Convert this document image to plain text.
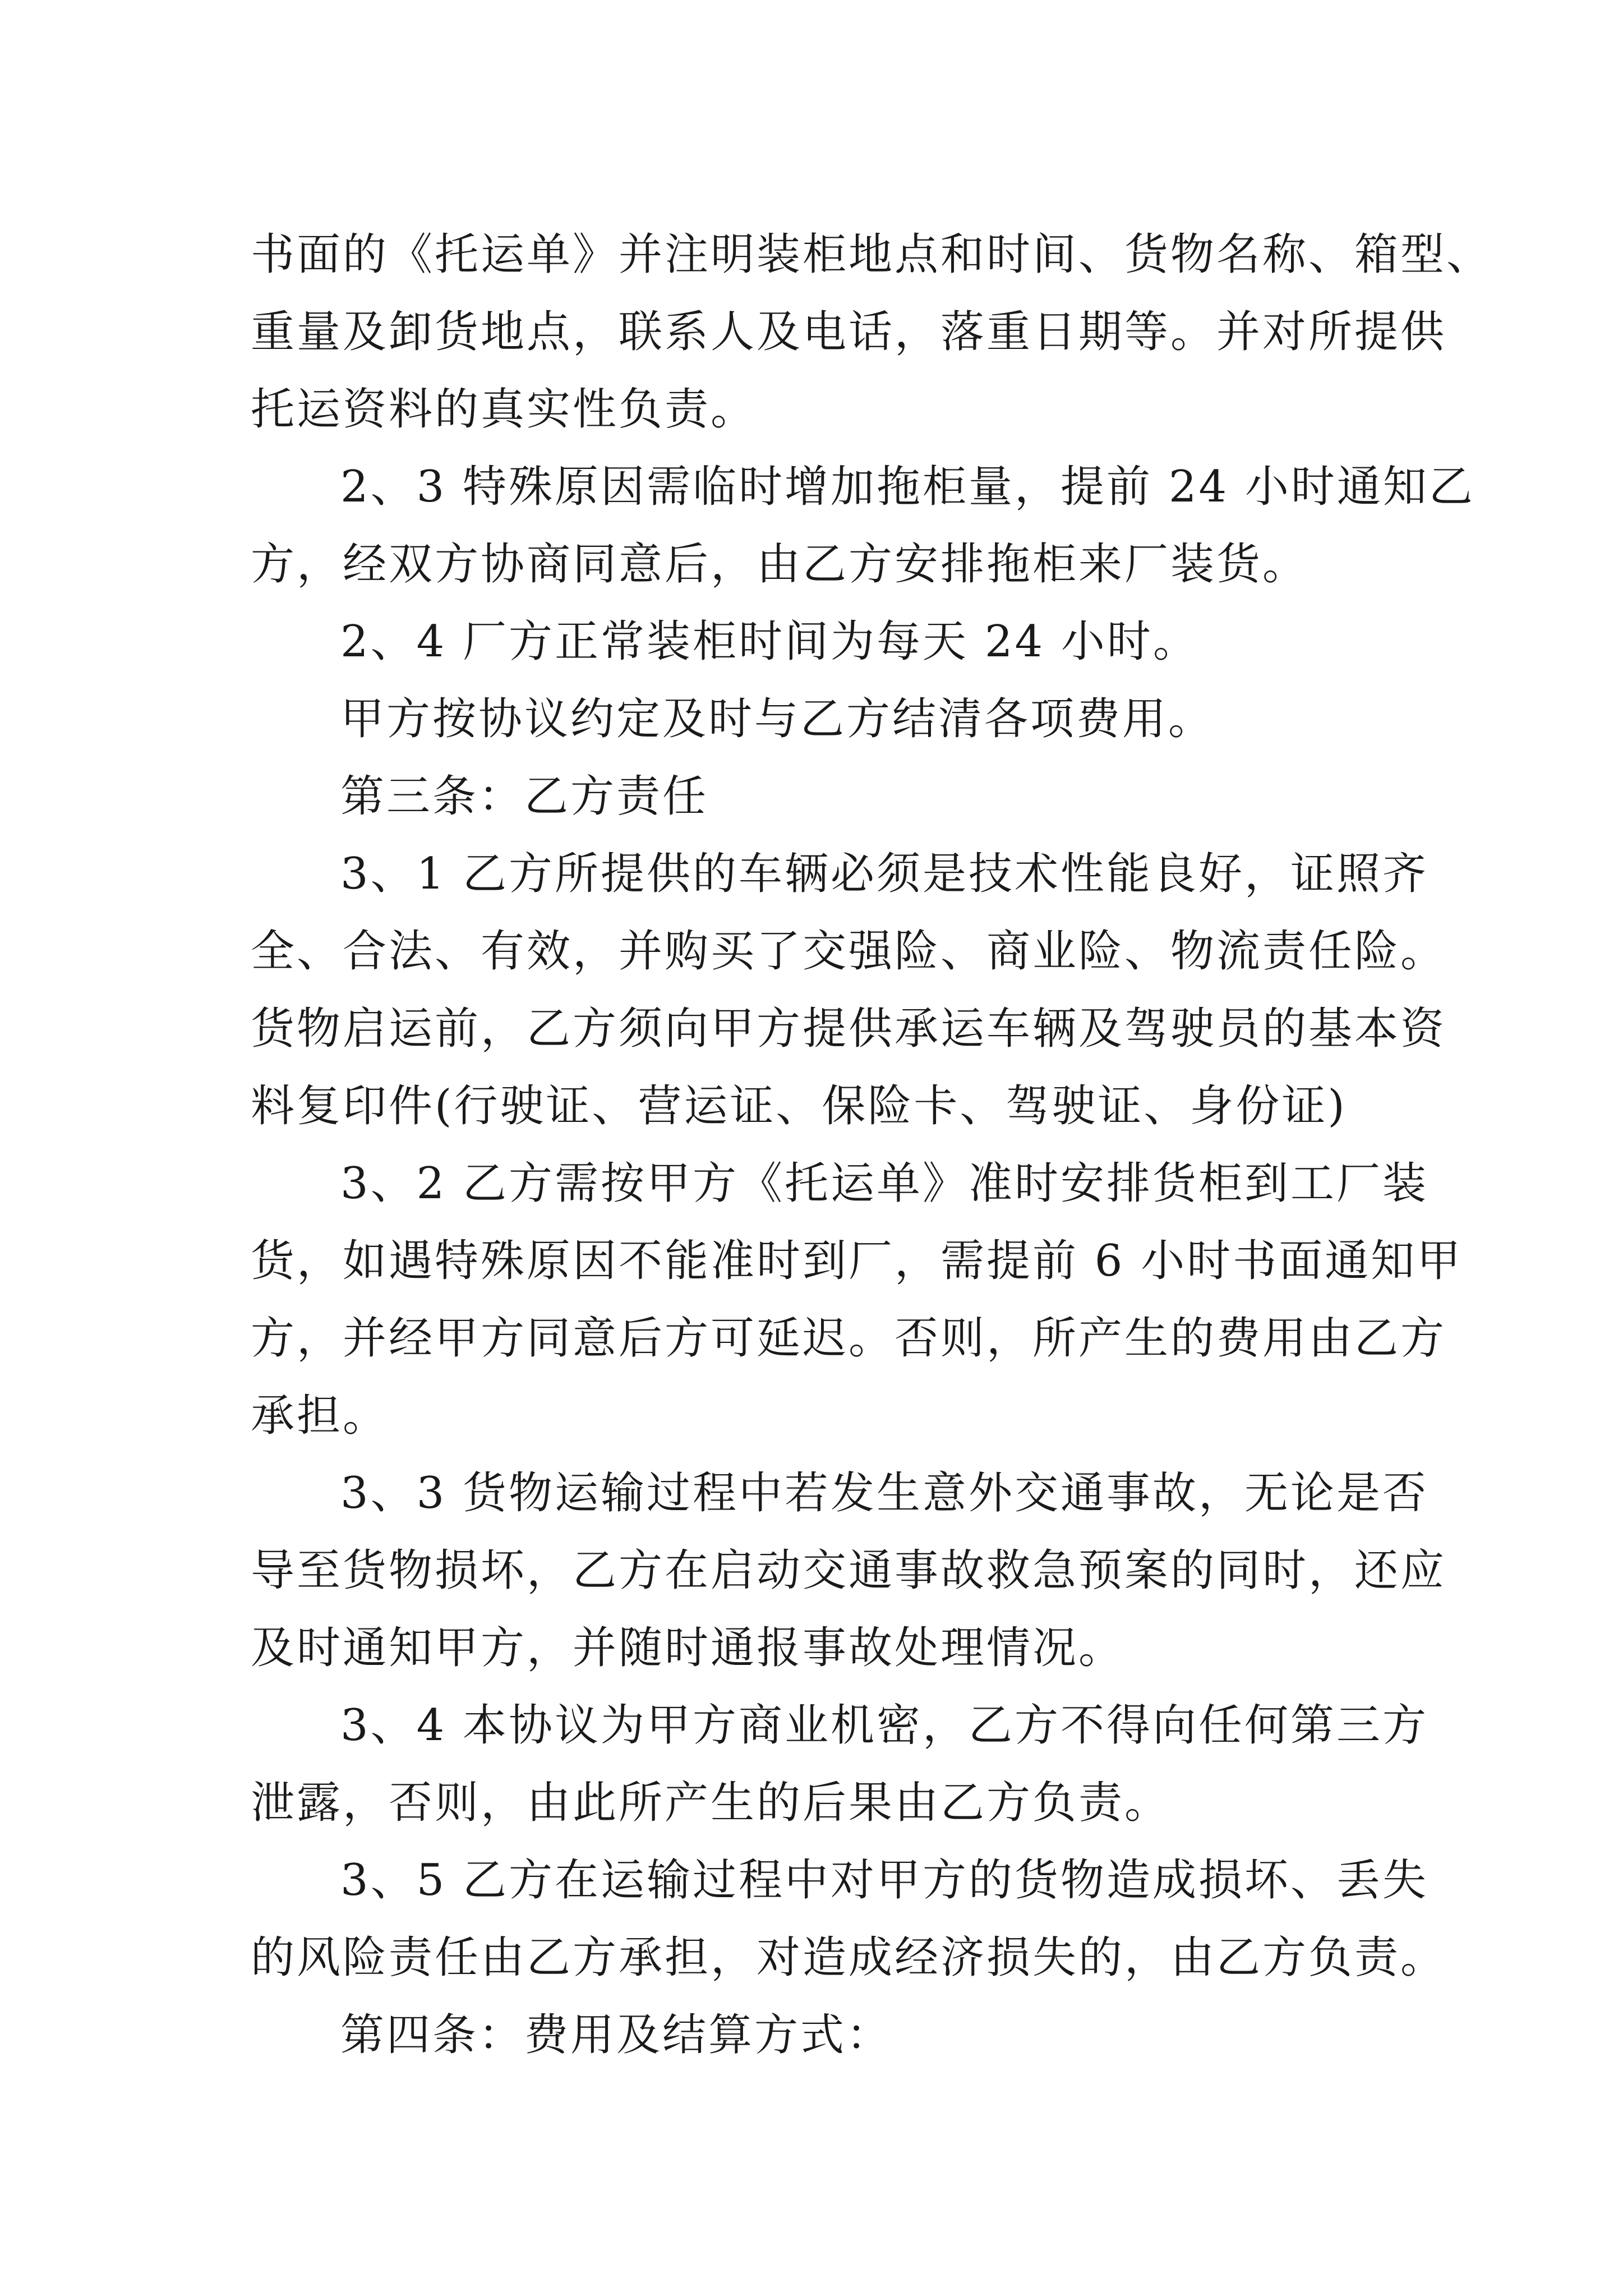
书面的《托运单》并注明装柜地点和时间、货物名称、箱型、
重量及卸货地点，联系人及电话，落重日期等。并对所提供
托运资料的真实性负责。
2、3 特殊原因需临时增加拖柜量，提前 24 小时通知乙
方，经双方协商同意后，由乙方安排拖柜来厂装货。
2、4 厂方正常装柜时间为每天 24 小时。
甲方按协议约定及时与乙方结清各项费用。
第三条：乙方责任
3、1 乙方所提供的车辆必须是技术性能良好，证照齐
全、合法、有效，并购买了交强险、商业险、物流责任险。
货物启运前，乙方须向甲方提供承运车辆及驾驶员的基本资
料复印件(行驶证、营运证、保险卡、驾驶证、身份证)
3、2 乙方需按甲方《托运单》准时安排货柜到工厂装
货，如遇特殊原因不能准时到厂，需提前 6 小时书面通知甲
方，并经甲方同意后方可延迟。否则，所产生的费用由乙方
承担。
3、3 货物运输过程中若发生意外交通事故，无论是否
导至货物损坏，乙方在启动交通事故救急预案的同时，还应
及时通知甲方，并随时通报事故处理情况。
3、4 本协议为甲方商业机密，乙方不得向任何第三方
泄露，否则，由此所产生的后果由乙方负责。
3、5 乙方在运输过程中对甲方的货物造成损坏、丢失
的风险责任由乙方承担，对造成经济损失的，由乙方负责。
第四条：费用及结算方式：
